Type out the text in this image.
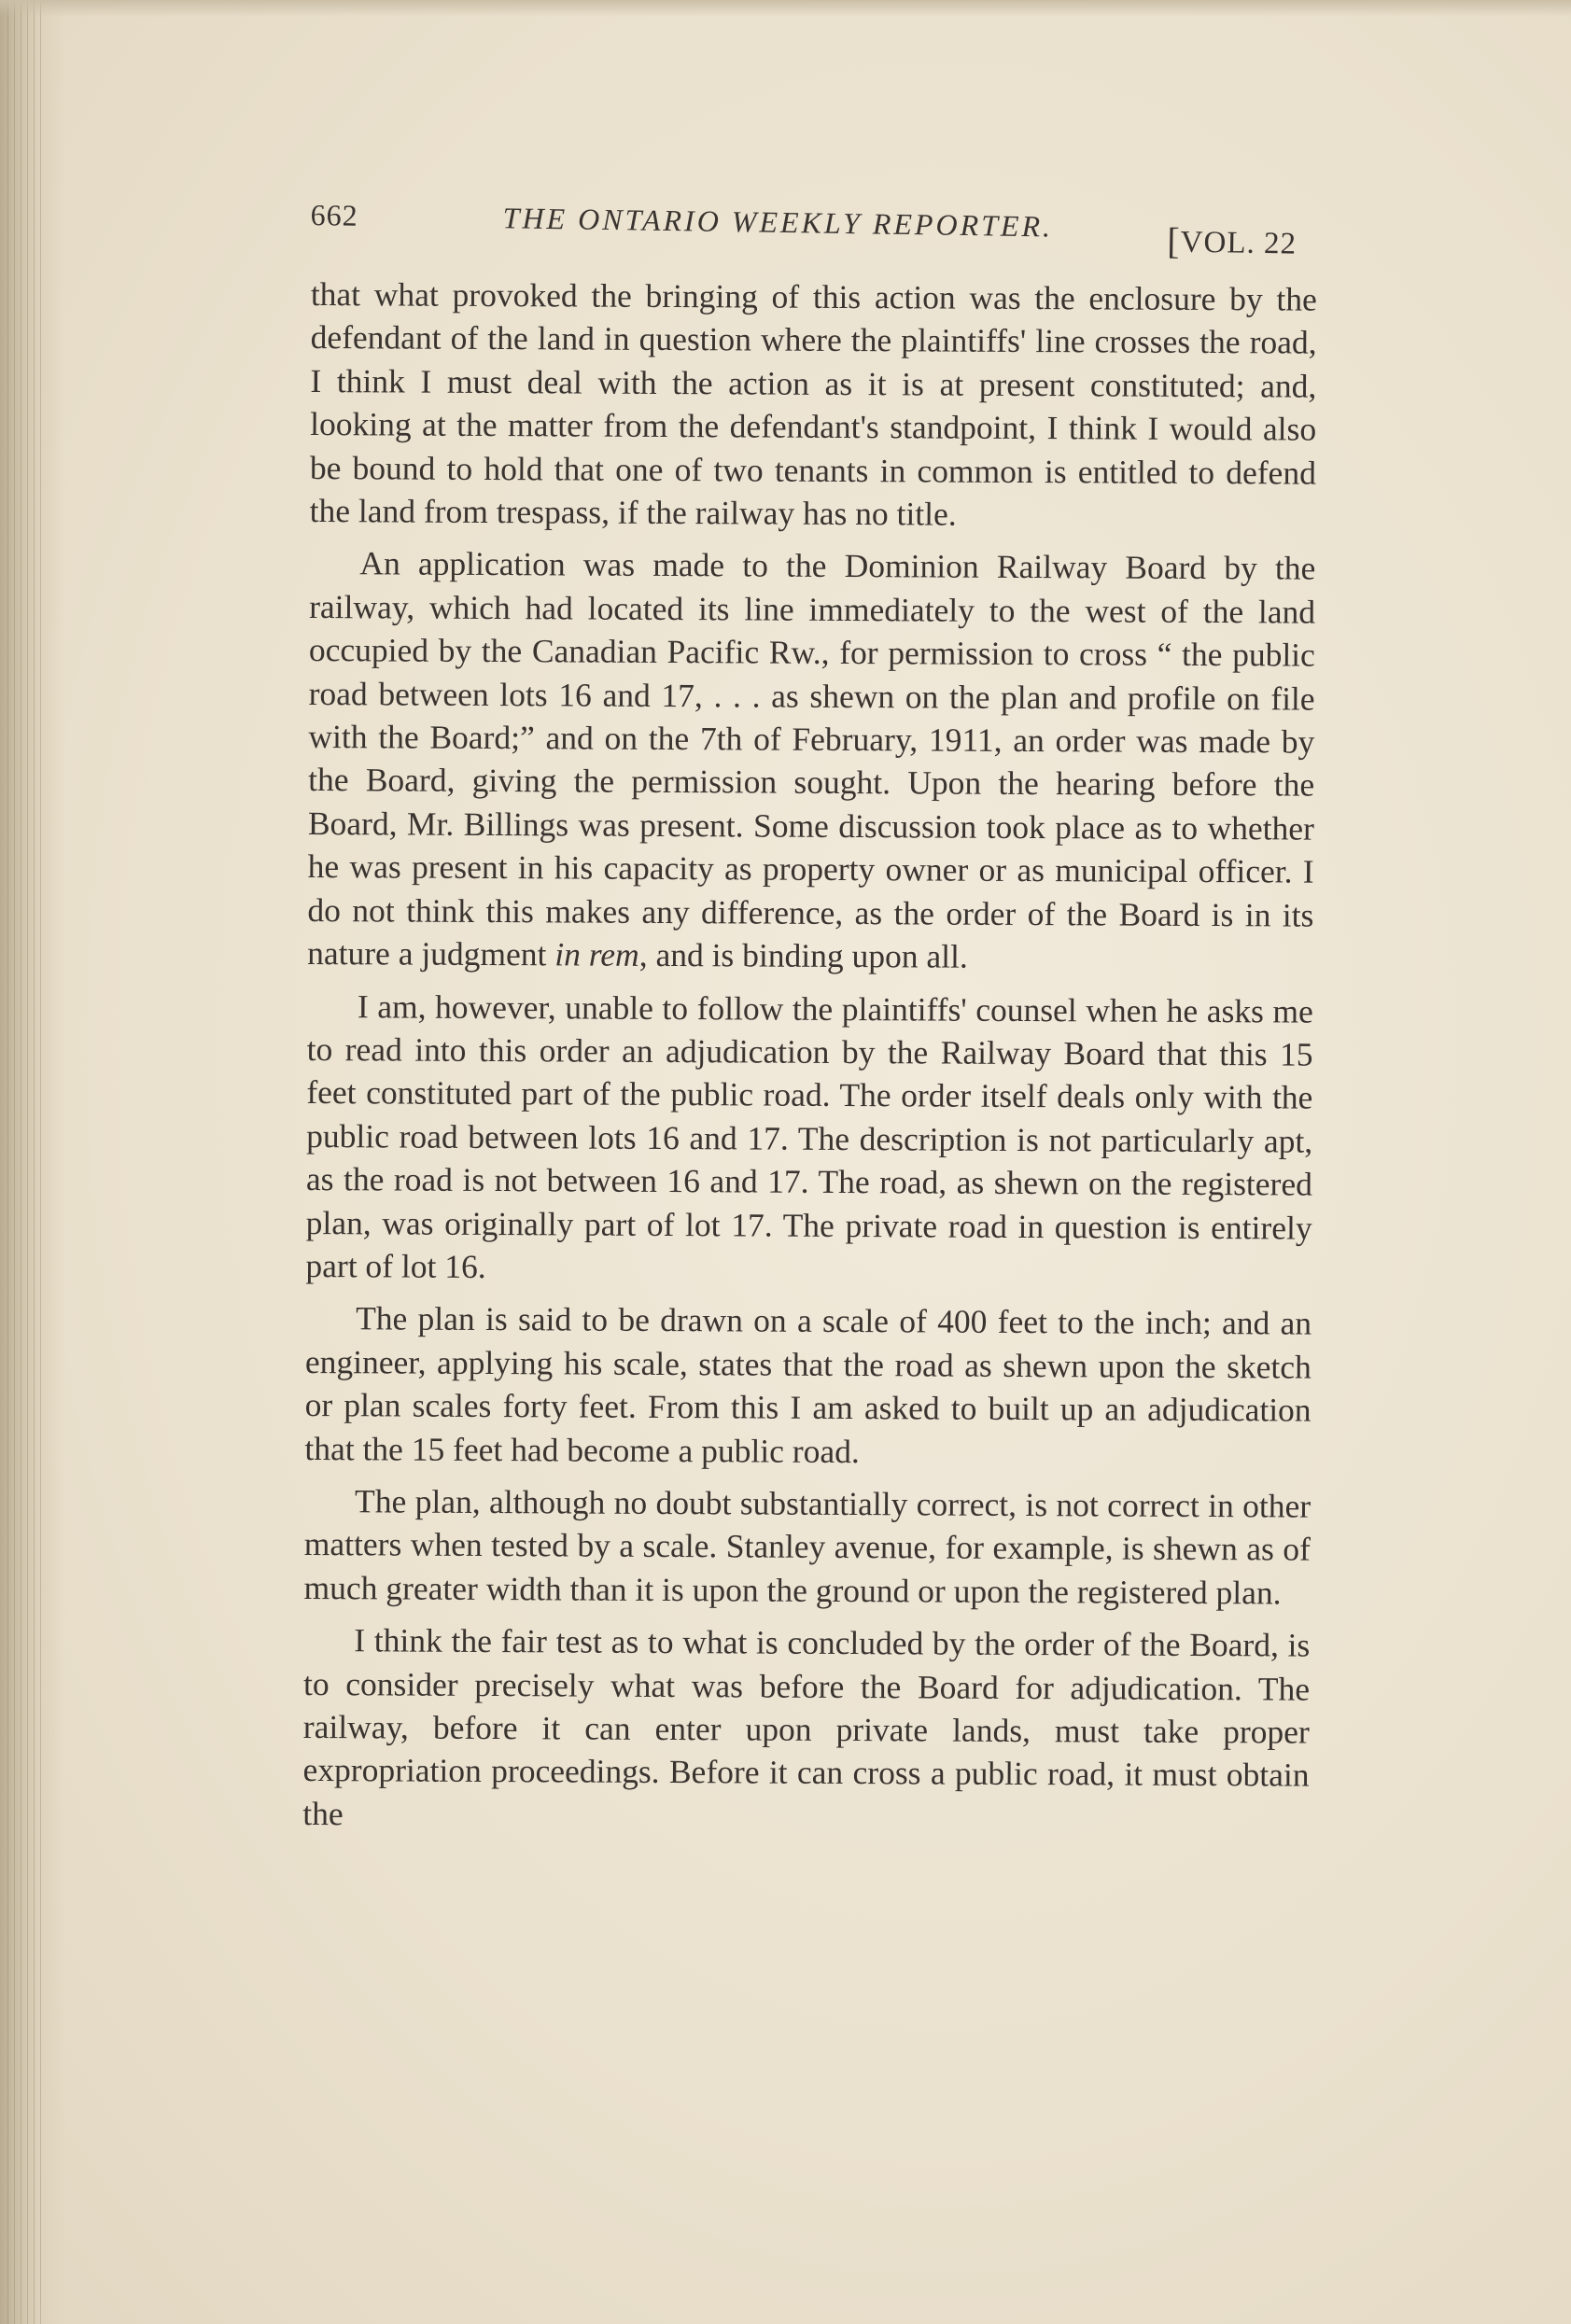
662	THE ONTARIO WEEKLY REPORTER.	[VOL. 22

that what provoked the bringing of this action was the enclosure by the defendant of the land in question where the plaintiffs' line crosses the road, I think I must deal with the action as it is at present constituted; and, looking at the matter from the defendant's standpoint, I think I would also be bound to hold that one of two tenants in common is entitled to defend the land from trespass, if the railway has no title.

An application was made to the Dominion Railway Board by the railway, which had located its line immediately to the west of the land occupied by the Canadian Pacific Rw., for permission to cross “ the public road between lots 16 and 17, . . . as shewn on the plan and profile on file with the Board;” and on the 7th of February, 1911, an order was made by the Board, giving the permission sought. Upon the hearing before the Board, Mr. Billings was present. Some discussion took place as to whether he was present in his capacity as property owner or as municipal officer. I do not think this makes any difference, as the order of the Board is in its nature a judgment in rem, and is binding upon all.

I am, however, unable to follow the plaintiffs' counsel when he asks me to read into this order an adjudication by the Railway Board that this 15 feet constituted part of the public road. The order itself deals only with the public road between lots 16 and 17. The description is not particularly apt, as the road is not between 16 and 17. The road, as shewn on the registered plan, was originally part of lot 17. The private road in question is entirely part of lot 16.

The plan is said to be drawn on a scale of 400 feet to the inch; and an engineer, applying his scale, states that the road as shewn upon the sketch or plan scales forty feet. From this I am asked to built up an adjudication that the 15 feet had become a public road.

The plan, although no doubt substantially correct, is not correct in other matters when tested by a scale. Stanley avenue, for example, is shewn as of much greater width than it is upon the ground or upon the registered plan.

I think the fair test as to what is concluded by the order of the Board, is to consider precisely what was before the Board for adjudication. The railway, before it can enter upon private lands, must take proper expropriation proceedings. Before it can cross a public road, it must obtain the
